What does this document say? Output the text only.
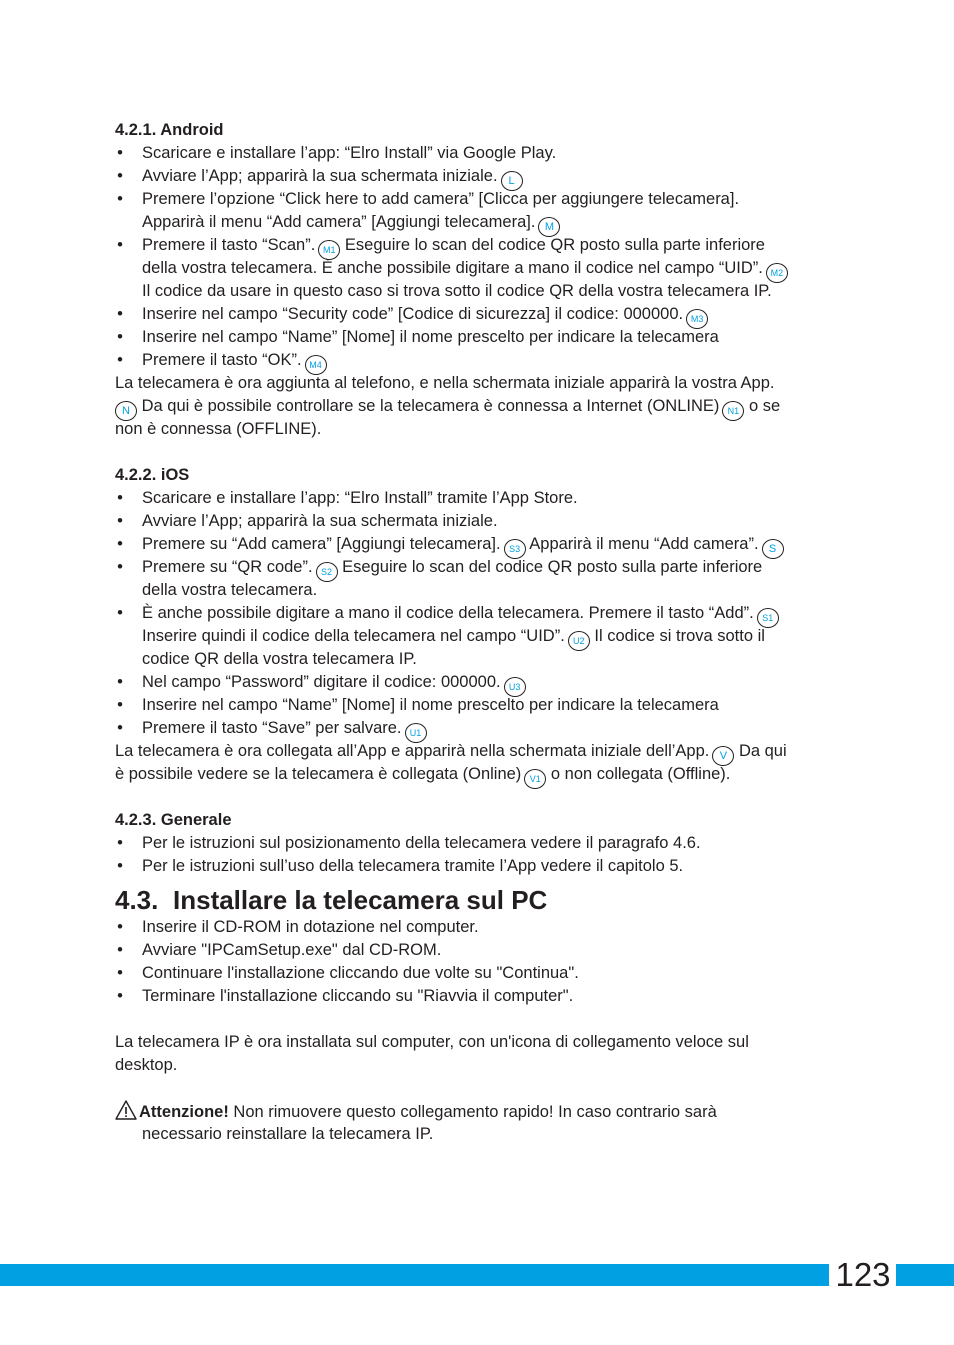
4.2.1. Android
• Scaricare e installare l’app: “Elro Install” via Google Play.
• Avviare l’App; apparirà la sua schermata iniziale. L
• Premere l’opzione “Click here to add camera” [Clicca per aggiungere telecamera].
Apparirà il menu “Add camera” [Aggiungi telecamera]. M
• Premere il tasto “Scan”. M1 Eseguire lo scan del codice QR posto sulla parte inferiore
della vostra telecamera. È anche possibile digitare a mano il codice nel campo “UID”. M2
Il codice da usare in questo caso si trova sotto il codice QR della vostra telecamera IP.
• Inserire nel campo “Security code” [Codice di sicurezza] il codice: 000000. M3
• Inserire nel campo “Name” [Nome] il nome prescelto per indicare la telecamera
• Premere il tasto “OK”. M4
La telecamera è ora aggiunta al telefono, e nella schermata iniziale apparirà la vostra App.
N Da qui è possibile controllare se la telecamera è connessa a Internet (ONLINE) N1 o se
non è connessa (OFFLINE).
4.2.2. iOS
• Scaricare e installare l’app: “Elro Install” tramite l’App Store.
• Avviare l’App; apparirà la sua schermata iniziale.
• Premere su “Add camera” [Aggiungi telecamera]. S3 Apparirà il menu “Add camera”. S
• Premere su “QR code”. S2 Eseguire lo scan del codice QR posto sulla parte inferiore
della vostra telecamera.
• È anche possibile digitare a mano il codice della telecamera. Premere il tasto “Add”. S1
Inserire quindi il codice della telecamera nel campo “UID”. U2 Il codice si trova sotto il
codice QR della vostra telecamera IP.
• Nel campo “Password” digitare il codice: 000000. U3
• Inserire nel campo “Name” [Nome] il nome prescelto per indicare la telecamera
• Premere il tasto “Save” per salvare. U1
La telecamera è ora collegata all’App e apparirà nella schermata iniziale dell’App. V Da qui
è possibile vedere se la telecamera è collegata (Online) V1 o non collegata (Offline).
4.2.3. Generale
• Per le istruzioni sul posizionamento della telecamera vedere il paragrafo 4.6.
• Per le istruzioni sull’uso della telecamera tramite l’App vedere il capitolo 5.
4.3. Installare la telecamera sul PC
• Inserire il CD-ROM in dotazione nel computer.
• Avviare "IPCamSetup.exe" dal CD-ROM.
• Continuare l'installazione cliccando due volte su "Continua".
• Terminare l'installazione cliccando su "Riavvia il computer".
La telecamera IP è ora installata sul computer, con un'icona di collegamento veloce sul
desktop.
Attenzione! Non rimuovere questo collegamento rapido! In caso contrario sarà
necessario reinstallare la telecamera IP.
123
